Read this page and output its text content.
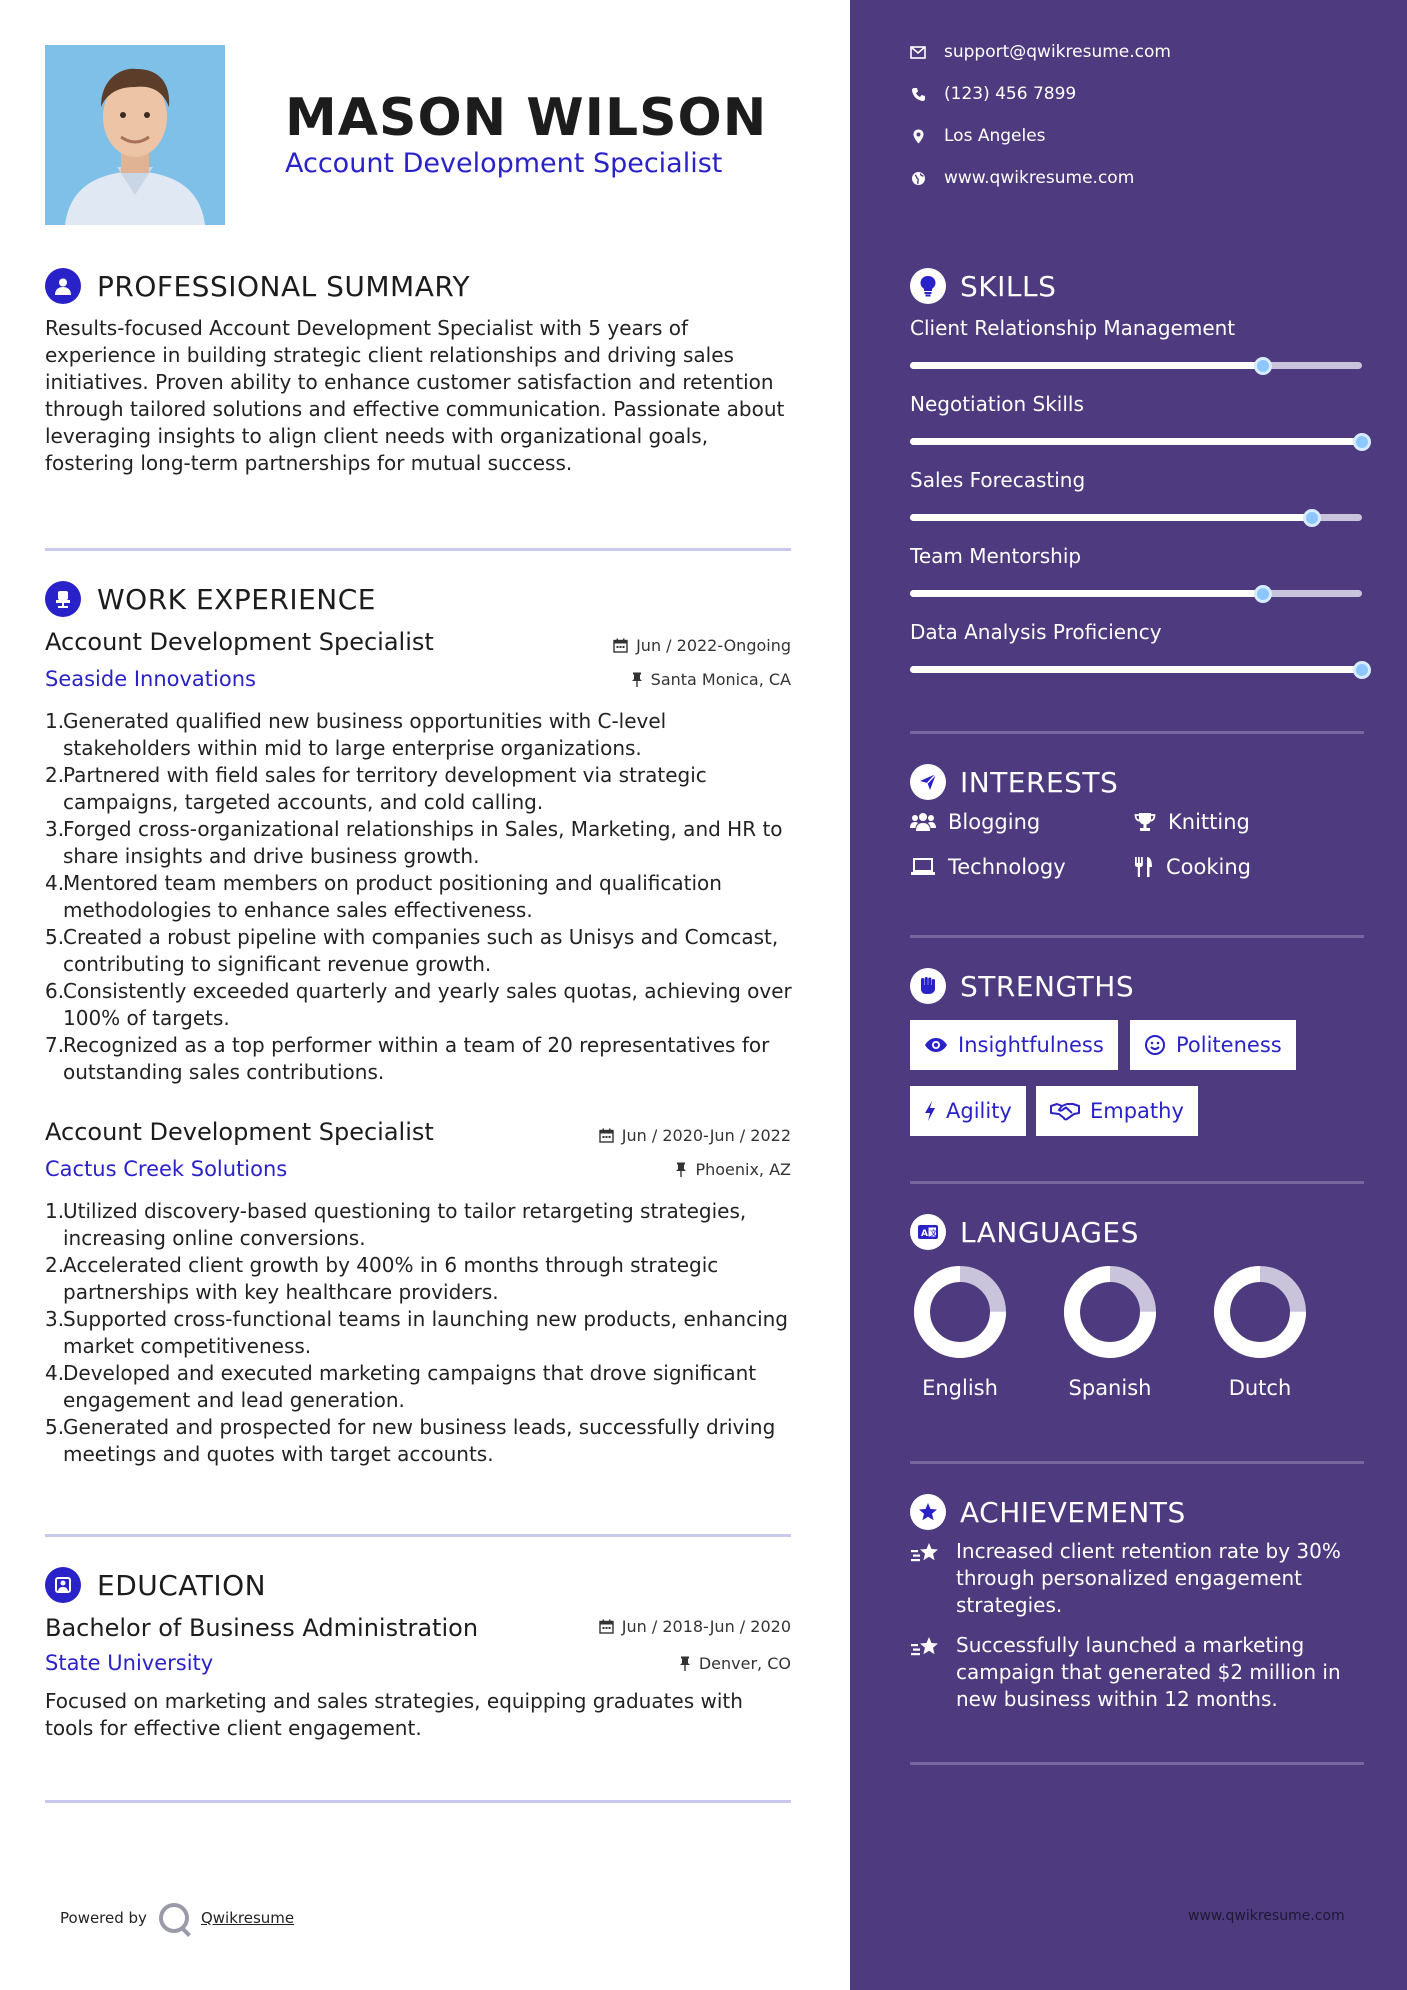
MASON WILSON
Account Development Specialist
PROFESSIONAL SUMMARY
Results-focused Account Development Specialist with 5 years of experience in building strategic client relationships and driving sales initiatives. Proven ability to enhance customer satisfaction and retention through tailored solutions and effective communication. Passionate about leveraging insights to align client needs with organizational goals, fostering long-term partnerships for mutual success.
WORK EXPERIENCE
Account Development Specialist	Jun / 2022-Ongoing
Seaside Innovations	Santa Monica, CA
1.
Generated qualified new business opportunities with C-level stakeholders within mid to large enterprise organizations.
2.
Partnered with field sales for territory development via strategic campaigns, targeted accounts, and cold calling.
3.
Forged cross-organizational relationships in Sales, Marketing, and HR to share insights and drive business growth.
4.
Mentored team members on product positioning and qualification methodologies to enhance sales effectiveness.
5.
Created a robust pipeline with companies such as Unisys and Comcast, contributing to significant revenue growth.
6.
Consistently exceeded quarterly and yearly sales quotas, achieving over 100% of targets.
7.
Recognized as a top performer within a team of 20 representatives for outstanding sales contributions.
Account Development Specialist	Jun / 2020-Jun / 2022
Cactus Creek Solutions	Phoenix, AZ
1.
Utilized discovery-based questioning to tailor retargeting strategies, increasing online conversions.
2.
Accelerated client growth by 400% in 6 months through strategic partnerships with key healthcare providers.
3.
Supported cross-functional teams in launching new products, enhancing market competitiveness.
4.
Developed and executed marketing campaigns that drove significant engagement and lead generation.
5.
Generated and prospected for new business leads, successfully driving meetings and quotes with target accounts.
EDUCATION
Bachelor of Business Administration	Jun / 2018-Jun / 2020
State University	Denver, CO
Focused on marketing and sales strategies, equipping graduates with tools for effective client engagement.
Powered by	Qwikresume
support@qwikresume.com
(123) 456 7899
Los Angeles
www.qwikresume.com
SKILLS
Client Relationship Management
Negotiation Skills
Sales Forecasting
Team Mentorship
Data Analysis Proficiency
INTERESTS
Blogging	Knitting
Technology	Cooking
STRENGTHS
Insightfulness	Politeness
Agility	Empathy
A 文 LANGUAGES
English	Spanish	Dutch
ACHIEVEMENTS
Increased client retention rate by 30% through personalized engagement strategies.
Successfully launched a marketing campaign that generated $2 million in new business within 12 months.
www.qwikresume.com
